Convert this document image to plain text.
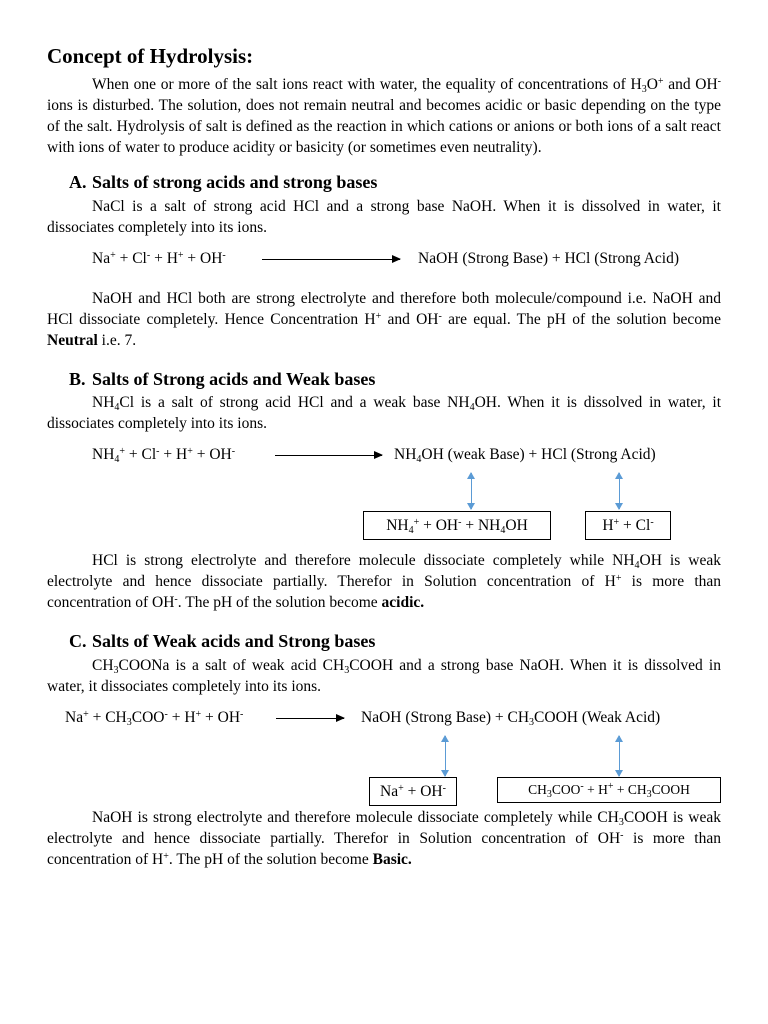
Concept of Hydrolysis:

When one or more of the salt ions react with water, the equality of concentrations of $H_3O^+$ and OH- ions is disturbed. The solution, does not remain neutral and becomes acidic or basic depending on the type of the salt. Hydrolysis of salt is defined as the reaction in which cations or anions or both ions of a salt react with ions of water to produce acidity or basicity (or sometimes even neutrality).

A. Salts of strong acids and strong bases

NaCl is a salt of strong acid HCl and a strong base NaOH. When it is dissolved in water, it dissociates completely into its ions.

Na+ + Cl- + H+ + OH-	NaOH (Strong Base) + HCl (Strong Acid)

NaOH and HCl both are strong electrolyte and therefore both molecule/compound i.e. NaOH and HCl dissociate completely. Hence Concentration H+ and OH- are equal. The pH of the solution become Neutral i.e. 7.

B. Salts of Strong acids and Weak bases

$NH_4Cl$ is a salt of strong acid HCl and a weak base $NH_4OH$. When it is dissolved in water, it dissociates completely into its ions.

$NH_4^+ + Cl^- + H^+ + OH^-$	$NH_4OH$ (weak Base) + HCl (Strong Acid)
$NH_4^+ + OH^- + NH_4OH$	H+ + Cl-

HCl is strong electrolyte and therefore molecule dissociate completely while $NH_4OH$ is weak electrolyte and hence dissociate partially. Therefor in Solution concentration of H+ is more than concentration of OH-. The pH of the solution become acidic.

C. Salts of Weak acids and Strong bases

$CH_3COONa$ is a salt of weak acid $CH_3COOH$ and a strong base NaOH. When it is dissolved in water, it dissociates completely into its ions.

$Na^+ + CH_3COO^- + H^+ + OH^-$	NaOH (Strong Base) + $CH_3COOH$ (Weak Acid)
Na+ + OH-	$CH_3COO^- + H^+$ + $CH_3COOH$

NaOH is strong electrolyte and therefore molecule dissociate completely while $CH_3COOH$ is weak electrolyte and hence dissociate partially. Therefor in Solution concentration of OH- is more than concentration of H+. The pH of the solution become Basic.
